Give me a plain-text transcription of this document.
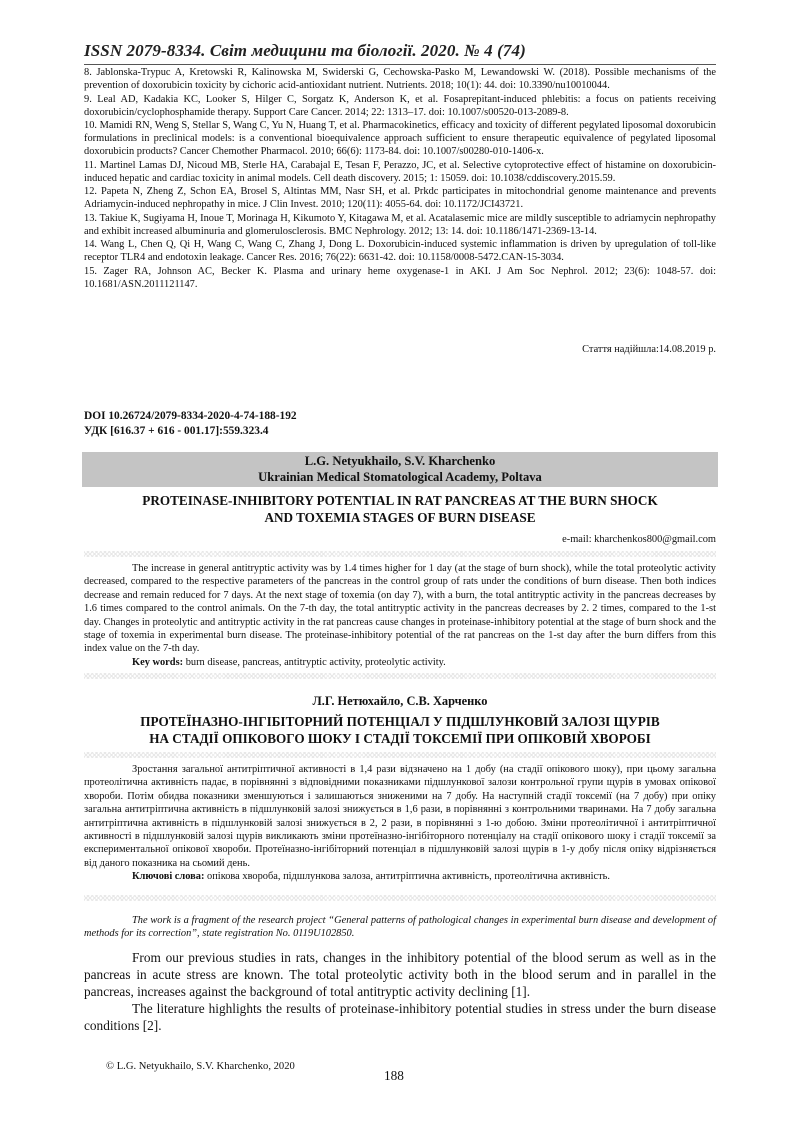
ISSN 2079-8334. Світ медицини та біології. 2020. № 4 (74)

8. Jablonska-Trypuc A, Kretowski R, Kalinowska M, Swiderski G, Cechowska-Pasko M, Lewandowski W. (2018). Possible mechanisms of the prevention of doxorubicin toxicity by cichoric acid-antioxidant nutrient. Nutrients. 2018; 10(1): 44. doi: 10.3390/nu10010044.

9. Leal AD, Kadakia KC, Looker S, Hilger C, Sorgatz K, Anderson K, et al. Fosaprepitant-induced phlebitis: a focus on patients receiving doxorubicin/cyclophosphamide therapy. Support Care Cancer. 2014; 22: 1313–17. doi: 10.1007/s00520-013-2089-8.

10. Mamidi RN, Weng S, Stellar S, Wang C, Yu N, Huang T, et al. Pharmacokinetics, efficacy and toxicity of different pegylated liposomal doxorubicin formulations in preclinical models: is a conventional bioequivalence approach sufficient to ensure therapeutic equivalence of pegylated liposomal doxorubicin products? Cancer Chemother Pharmacol. 2010; 66(6): 1173-84. doi: 10.1007/s00280-010-1406-x.

11. Martinel Lamas DJ, Nicoud MB, Sterle HA, Carabajal E, Tesan F, Perazzo, JC, et al. Selective cytoprotective effect of histamine on doxorubicin-induced hepatic and cardiac toxicity in animal models. Cell death discovery. 2015; 1: 15059. doi: 10.1038/cddiscovery.2015.59.

12. Papeta N, Zheng Z, Schon EA, Brosel S, Altintas MM, Nasr SH, et al. Prkdc participates in mitochondrial genome maintenance and prevents Adriamycin-induced nephropathy in mice. J Clin Invest. 2010; 120(11): 4055-64. doi: 10.1172/JCI43721.

13. Takiue K, Sugiyama H, Inoue T, Morinaga H, Kikumoto Y, Kitagawa M, et al. Acatalasemic mice are mildly susceptible to adriamycin nephropathy and exhibit increased albuminuria and glomerulosclerosis. BMC Nephrology. 2012; 13: 14. doi: 10.1186/1471-2369-13-14.

14. Wang L, Chen Q, Qi H, Wang C, Wang C, Zhang J, Dong L. Doxorubicin-induced systemic inflammation is driven by upregulation of toll-like receptor TLR4 and endotoxin leakage. Cancer Res. 2016; 76(22): 6631-42. doi: 10.1158/0008-5472.CAN-15-3034.

15. Zager RA, Johnson AC, Becker K. Plasma and urinary heme oxygenase-1 in AKI. J Am Soc Nephrol. 2012; 23(6): 1048-57. doi: 10.1681/ASN.2011121147.

Стаття надійшла:14.08.2019 р.
DOI 10.26724/2079-8334-2020-4-74-188-192
УДК [616.37 + 616 - 001.17]:559.323.4
L.G. Netyukhailo, S.V. Kharchenko
Ukrainian Medical Stomatological Academy, Poltava
PROTEINASE-INHIBITORY POTENTIAL IN RAT PANCREAS AT THE BURN SHOCK
AND TOXEMIA STAGES OF BURN DISEASE
e-mail: kharchenkos800@gmail.com

The increase in general antitryptic activity was by 1.4 times higher for 1 day (at the stage of burn shock), while the total proteolytic activity decreased, compared to the respective parameters of the pancreas in the control group of rats under the conditions of burn disease. Then both indices decrease and remain reduced for 7 days. At the next stage of toxemia (on day 7), with a burn, the total antitryptic activity in the pancreas decreases by 1.6 times compared to the control animals. On the 7-th day, the total antitryptic activity in the pancreas decreases by 2. 2 times, compared to the 1-st day. Changes in proteolytic and antitryptic activity in the rat pancreas cause changes in proteinase-inhibitory potential at the stage of burn shock and the stage of toxemia in experimental burn disease. The proteinase-inhibitory potential of the rat pancreas on the 1-st day after the burn differs from this index value on the 7-th day.

Key words: burn disease, pancreas, antitryptic activity, proteolytic activity.

Л.Г. Нетюхайло, С.В. Харченко
ПРОТЕЇНАЗНО-ІНГІБІТОРНИЙ ПОТЕНЦІАЛ У ПІДШЛУНКОВІЙ ЗАЛОЗІ ЩУРІВ
НА СТАДІЇ ОПІКОВОГО ШОКУ І СТАДІЇ ТОКСЕМІЇ ПРИ ОПІКОВІЙ ХВОРОБІ

Зростання загальної антитріптичної активності в 1,4 рази відзначено на 1 добу (на стадії опікового шоку), при цьому загальна протеолітична активність падає, в порівнянні з відповідними показниками підшлункової залози контрольної групи щурів в умовах опікової хвороби. Потім обидва показники зменшуються і залишаються зниженими на 7 добу. На наступній стадії токсемії (на 7 добу) при опіку загальна антитріптична активність в підшлунковій залозі знижується в 1,6 рази, в порівнянні з контрольними тваринами. На 7 добу загальна антитріптична активність в підшлунковій залозі знижується в 2, 2 рази, в порівнянні з 1-ю добою. Зміни протеолітичної і антитріптичної активності в підшлунковій залозі щурів викликають зміни протеїназно-інгібіторного потенціалу на стадії опікового шоку і стадії токсемії за експериментальної опікової хвороби. Протеїназно-інгібіторний потенціал в підшлунковій залозі щурів в 1-у добу після опіку відрізняється від даного показника на сьомий день.

Ключові слова: опікова хвороба, підшлункова залоза, антитріптична активність, протеолітична активність.

The work is a fragment of the research project “General patterns of pathological changes in experimental burn disease and development of methods for its correction”, state registration No. 0119U102850.

From our previous studies in rats, changes in the inhibitory potential of the blood serum as well as in the pancreas in acute stress are known. The total proteolytic activity both in the blood serum and in parallel in the pancreas, increases against the background of total antitryptic activity declining [1].

The literature highlights the results of proteinase-inhibitory potential studies in stress under the burn disease conditions [2].

© L.G. Netyukhailo, S.V. Kharchenko, 2020
188
